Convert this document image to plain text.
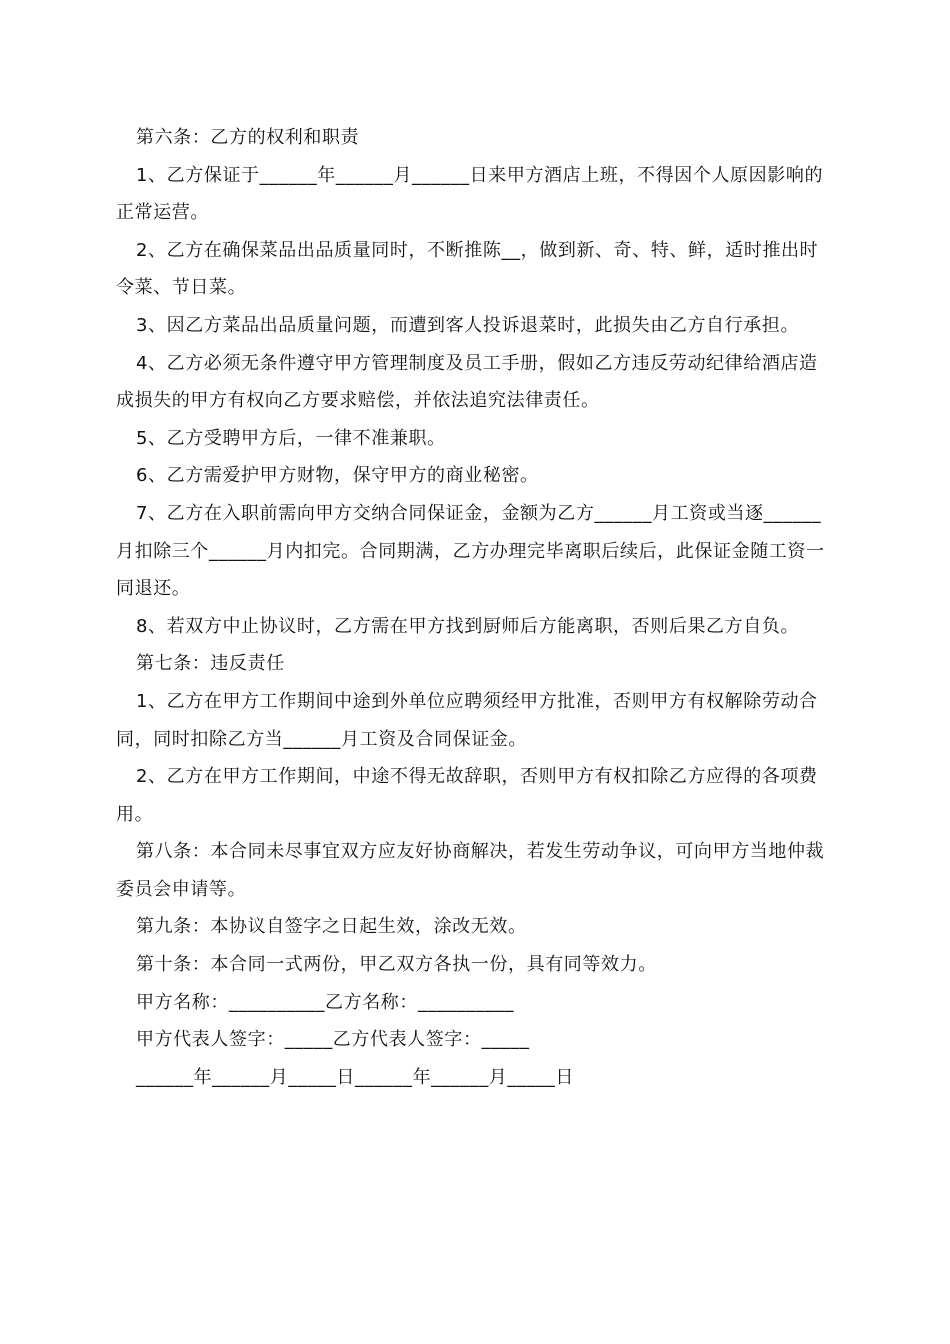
第六条：乙方的权利和职责

1、乙方保证于______年______月______日来甲方酒店上班，不得因个人原因影响的正常运营。

2、乙方在确保菜品出品质量同时，不断推陈__，做到新、奇、特、鲜，适时推出时令菜、节日菜。

3、因乙方菜品出品质量问题，而遭到客人投诉退菜时，此损失由乙方自行承担。

4、乙方必须无条件遵守甲方管理制度及员工手册，假如乙方违反劳动纪律给酒店造成损失的甲方有权向乙方要求赔偿，并依法追究法律责任。

5、乙方受聘甲方后，一律不准兼职。

6、乙方需爱护甲方财物，保守甲方的商业秘密。

7、乙方在入职前需向甲方交纳合同保证金，金额为乙方______月工资或当逐______月扣除三个______月内扣完。合同期满，乙方办理完毕离职后续后，此保证金随工资一同退还。

8、若双方中止协议时，乙方需在甲方找到厨师后方能离职，否则后果乙方自负。

第七条：违反责任

1、乙方在甲方工作期间中途到外单位应聘须经甲方批准，否则甲方有权解除劳动合同，同时扣除乙方当______月工资及合同保证金。

2、乙方在甲方工作期间，中途不得无故辞职，否则甲方有权扣除乙方应得的各项费用。

第八条：本合同未尽事宜双方应友好协商解决，若发生劳动争议，可向甲方当地仲裁委员会申请等。

第九条：本协议自签字之日起生效，涂改无效。

第十条：本合同一式两份，甲乙双方各执一份，具有同等效力。

甲方名称：__________乙方名称：__________

甲方代表人签字：_____乙方代表人签字：_____

______年______月_____日______年______月_____日
